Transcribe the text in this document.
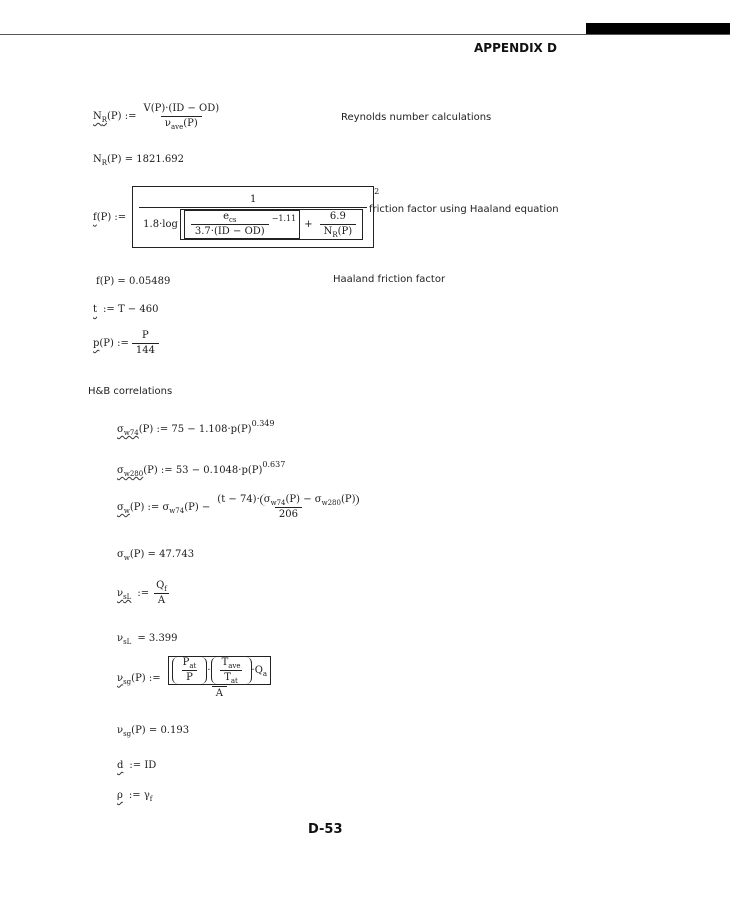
APPENDIX D
$N_R$ (P) := $\frac{V(P)\cdot(ID - OD)}{\nu_{ave}(P)}$	Reynolds number calculations
N R (P) = 1821.692
f (P) :=
1
$1.8\cdot\log \frac{e_{cs}}{3.7\cdot(ID - OD)} -1.11$
+ $\frac{6.9}{N_R(P)}$
2
friction factor using Haaland equation
f(P) = 0.05489	Haaland friction factor
t := T − 460
p (P) := $\frac{P}{144}$
H&B correlations
$\sigma_{w74}$ (P) := 75 − 1.108·p(P)
0.349
$\sigma_{w280}$ (P) := 53 − 0.1048·p(P)
0.637
$\sigma_w$ (P) := σ w74 $(P) - \frac{\text{(t − 74)· σ w74 (P) − σ w280 (P)}}{206}$
σ w (P) = 47.743
$\nu_{sL}$ := $\frac{Q_f}{A}$
ν sL = 3.399
$\nu_{sg}$ (P) := $\frac{P_{at}}{P} \cdot \frac{T_{ave}}{T_{at}} \cdot Q$ a
A
ν sg (P) = 0.193
d := ID
ρ := γ f
D-53
